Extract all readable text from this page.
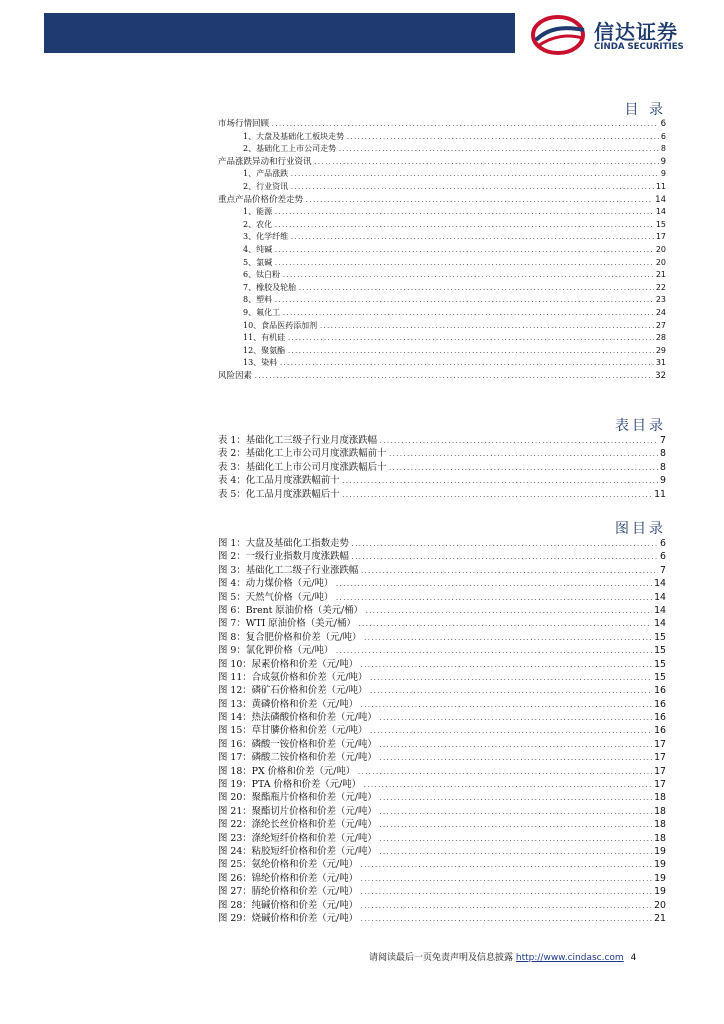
信达证券
CINDA SECURITIES
目 录
市场行情回顾 .....	6
1、大盘及基础化工板块走势 .....	6
2、基础化工上市公司走势 .....	8
产品涨跌异动和行业资讯 .....	9
1、产品涨跌 .....	9
2、行业资讯 .....	11
重点产品价格价差走势 .....	14
1、能源 .....	14
2、农化 .....	15
3、化学纤维 .....	17
4、纯碱 .....	20
5、氯碱 .....	20
6、钛白粉 .....	21
7、橡胶及轮胎 .....	22
8、塑料 .....	23
9、氟化工 .....	24
10、食品医药添加剂 .....	27
11、有机硅 .....	28
12、聚氨酯 .....	29
13、染料 .....	31
风险因素 .....	32
表目录
表 1：基础化工三级子行业月度涨跌幅 .....	7
表 2：基础化工上市公司月度涨跌幅前十 .....	8
表 3：基础化工上市公司月度涨跌幅后十 .....	8
表 4：化工品月度涨跌幅前十 .....	9
表 5：化工品月度涨跌幅后十 .....	11
图目录
图 1：大盘及基础化工指数走势 .....	6
图 2：一级行业指数月度涨跌幅 .....	6
图 3：基础化工二级子行业涨跌幅 .....	7
图 4：动力煤价格（元/吨） .....	14
图 5：天然气价格（元/吨） .....	14
图 6：Brent 原油价格（美元/桶） .....	14
图 7：WTI 原油价格（美元/桶） .....	14
图 8：复合肥价格和价差（元/吨） .....	15
图 9：氯化钾价格（元/吨） .....	15
图 10：尿素价格和价差（元/吨） .....	15
图 11：合成氨价格和价差（元/吨） .....	15
图 12：磷矿石价格和价差（元/吨） .....	16
图 13：黄磷价格和价差（元/吨） .....	16
图 14：热法磷酸价格和价差（元/吨） .....	16
图 15：草甘膦价格和价差（元/吨） .....	16
图 16：磷酸一铵价格和价差（元/吨） .....	17
图 17：磷酸二铵价格和价差（元/吨） .....	17
图 18：PX 价格和价差（元/吨） .....	17
图 19：PTA 价格和价差（元/吨） .....	17
图 20：聚酯瓶片价格和价差（元/吨） .....	18
图 21：聚酯切片价格和价差（元/吨） .....	18
图 22：涤纶长丝价格和价差（元/吨） .....	18
图 23：涤纶短纤价格和价差（元/吨） .....	18
图 24：粘胶短纤价格和价差（元/吨） .....	19
图 25：氨纶价格和价差（元/吨） .....	19
图 26：锦纶价格和价差（元/吨） .....	19
图 27：腈纶价格和价差（元/吨） .....	19
图 28：纯碱价格和价差（元/吨） .....	20
图 29：烧碱价格和价差（元/吨） .....	21
请阅读最后一页免责声明及信息披露 http://www.cindasc.com 4
